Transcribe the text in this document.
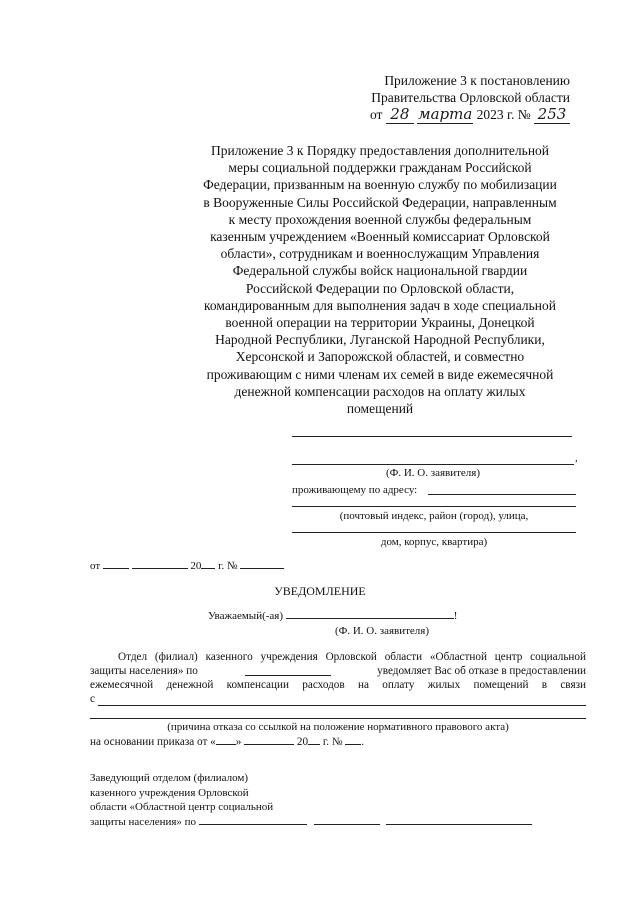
Приложение 3 к постановлению
Правительства Орловской области
от 28 марта 2023 г. № 253
Приложение 3 к Порядку предоставления дополнительной
меры социальной поддержки гражданам Российской
Федерации, призванным на военную службу по мобилизации
в Вооруженные Силы Российской Федерации, направленным
к месту прохождения военной службы федеральным
казенным учреждением «Военный комиссариат Орловской
области», сотрудникам и военнослужащим Управления
Федеральной службы войск национальной гвардии
Российской Федерации по Орловской области,
командированным для выполнения задач в ходе специальной
военной операции на территории Украины, Донецкой
Народной Республики, Луганской Народной Республики,
Херсонской и Запорожской областей, и совместно
проживающим с ними членам их семей в виде ежемесячной
денежной компенсации расходов на оплату жилых
помещений
,
(Ф. И. О. заявителя)
проживающему по адресу:
(почтовый индекс, район (город), улица,
дом, корпус, квартира)
от	20 г. №
УВЕДОМЛЕНИЕ
Уважаемый(-ая)	!
(Ф. И. О. заявителя)
Отдел (филиал) казенного учреждения Орловской области «Областной центр социальной
защиты населения» по	уведомляет Вас об отказе в предоставлении
ежемесячной денежной компенсации расходов на оплату жилых помещений в связи
с
(причина отказа со ссылкой на положение нормативного правового акта)
на основании приказа от « »	20 г. № .
Заведующий отделом (филиалом)
казенного учреждения Орловской
области «Областной центр социальной
защиты населения» по
